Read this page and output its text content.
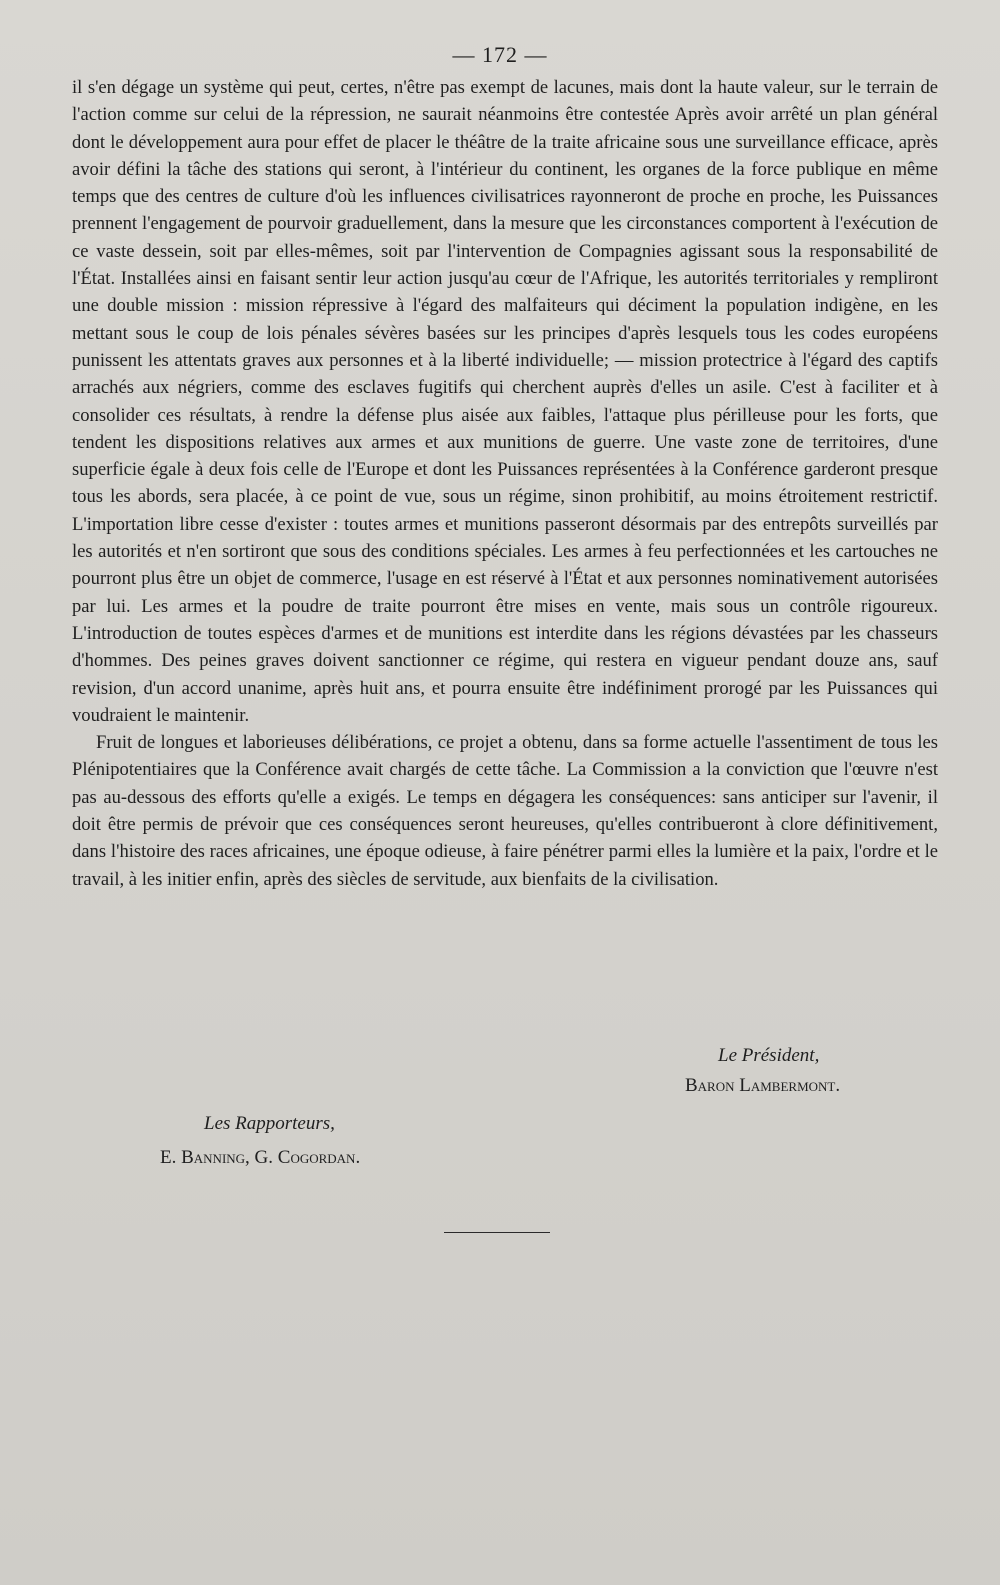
— 172 —

il s'en dégage un système qui peut, certes, n'être pas exempt de lacunes, mais dont la haute valeur, sur le terrain de l'action comme sur celui de la répression, ne saurait néanmoins être contestée Après avoir arrêté un plan général dont le développement aura pour effet de placer le théâtre de la traite africaine sous une surveillance efficace, après avoir défini la tâche des stations qui seront, à l'intérieur du continent, les organes de la force publique en même temps que des centres de culture d'où les influences civilisatrices rayonneront de proche en proche, les Puissances prennent l'engagement de pourvoir graduellement, dans la mesure que les circonstances comportent à l'exécution de ce vaste dessein, soit par elles-mêmes, soit par l'intervention de Compagnies agissant sous la responsabilité de l'État. Installées ainsi en faisant sentir leur action jusqu'au cœur de l'Afrique, les autorités territoriales y rempliront une double mission : mission répressive à l'égard des malfaiteurs qui déciment la population indigène, en les mettant sous le coup de lois pénales sévères basées sur les principes d'après lesquels tous les codes européens punissent les attentats graves aux personnes et à la liberté individuelle; — mission protectrice à l'égard des captifs arrachés aux négriers, comme des esclaves fugitifs qui cherchent auprès d'elles un asile. C'est à faciliter et à consolider ces résultats, à rendre la défense plus aisée aux faibles, l'attaque plus périlleuse pour les forts, que tendent les dispositions relatives aux armes et aux munitions de guerre. Une vaste zone de territoires, d'une superficie égale à deux fois celle de l'Europe et dont les Puissances représentées à la Conférence garderont presque tous les abords, sera placée, à ce point de vue, sous un régime, sinon prohibitif, au moins étroitement restrictif. L'importation libre cesse d'exister : toutes armes et munitions passeront désormais par des entrepôts surveillés par les autorités et n'en sortiront que sous des conditions spéciales. Les armes à feu perfectionnées et les cartouches ne pourront plus être un objet de commerce, l'usage en est réservé à l'État et aux personnes nominativement autorisées par lui. Les armes et la poudre de traite pourront être mises en vente, mais sous un contrôle rigoureux. L'introduction de toutes espèces d'armes et de munitions est interdite dans les régions dévastées par les chasseurs d'hommes. Des peines graves doivent sanctionner ce régime, qui restera en vigueur pendant douze ans, sauf revision, d'un accord unanime, après huit ans, et pourra ensuite être indéfiniment prorogé par les Puissances qui voudraient le maintenir.

Fruit de longues et laborieuses délibérations, ce projet a obtenu, dans sa forme actuelle l'assentiment de tous les Plénipotentiaires que la Conférence avait chargés de cette tâche. La Commission a la conviction que l'œuvre n'est pas au-dessous des efforts qu'elle a exigés. Le temps en dégagera les conséquences: sans anticiper sur l'avenir, il doit être permis de prévoir que ces conséquences seront heureuses, qu'elles contribueront à clore définitivement, dans l'histoire des races africaines, une époque odieuse, à faire pénétrer parmi elles la lumière et la paix, l'ordre et le travail, à les initier enfin, après des siècles de servitude, aux bienfaits de la civilisation.

Le Président,
Baron Lambermont.
Les Rapporteurs,
E. Banning, G. Cogordan.
